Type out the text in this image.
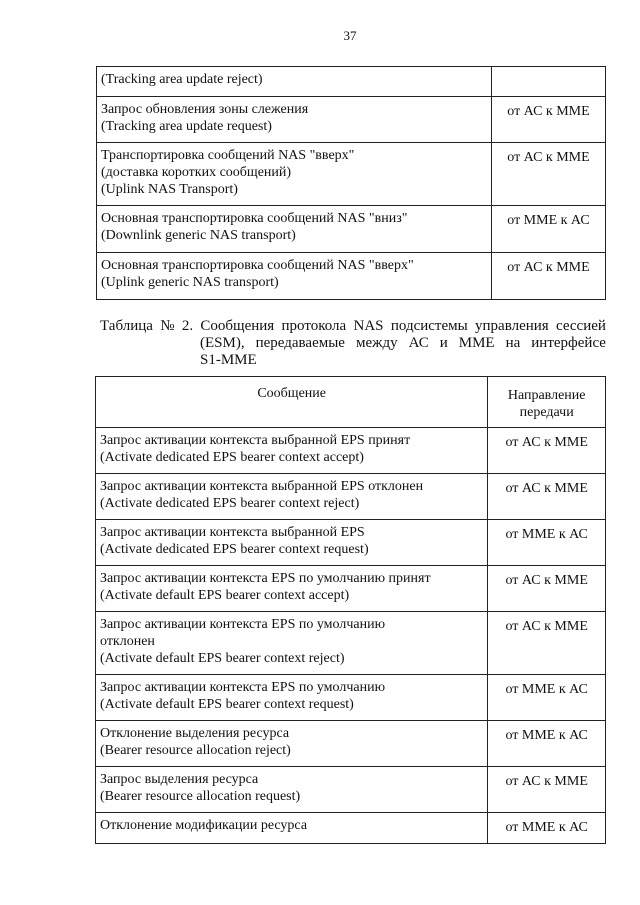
37
(Tracking area update reject)	

Запрос обновления зоны слежения
(Tracking area update request)	от АС к ММЕ

Транспортировка сообщений NAS "вверх"
(доставка коротких сообщений)
(Uplink NAS Transport)	от АС к ММЕ

Основная транспортировка сообщений NAS "вниз"
(Downlink generic NAS transport)	от ММЕ к АС

Основная транспортировка сообщений NAS "вверх"
(Uplink generic NAS transport)	от АС к ММЕ
Таблица № 2. Сообщения протокола NAS подсистемы управления сессией
(ESM), передаваемые между АС и ММЕ на интерфейсе
S1-MME
Сообщение	Направление
передачи

Запрос активации контекста выбранной EPS принят
(Activate dedicated EPS bearer context accept)	от АС к ММЕ

Запрос активации контекста выбранной EPS отклонен
(Activate dedicated EPS bearer context reject)	от АС к ММЕ

Запрос активации контекста выбранной EPS
(Activate dedicated EPS bearer context request)	от ММЕ к АС

Запрос активации контекста EPS по умолчанию принят
(Activate default EPS bearer context accept)	от АС к ММЕ

Запрос активации контекста EPS по умолчанию
отклонен
(Activate default EPS bearer context reject)	от АС к ММЕ

Запрос активации контекста EPS по умолчанию
(Activate default EPS bearer context request)	от ММЕ к АС

Отклонение выделения ресурса
(Bearer resource allocation reject)	от ММЕ к АС

Запрос выделения ресурса
(Bearer resource allocation request)	от АС к ММЕ

Отклонение модификации ресурса	от ММЕ к АС
